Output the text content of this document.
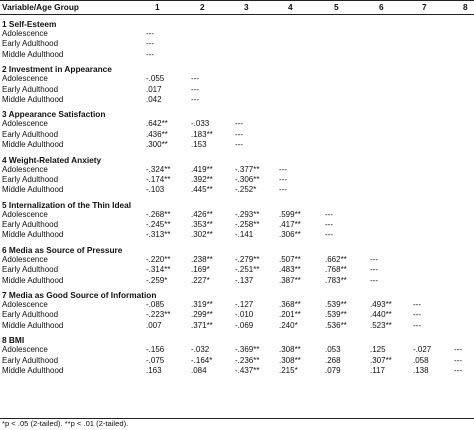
Variable/Age Group	1	2	3	4	5	6	7	8
1 Self-Esteem
Adolescence	---
Early Adulthood	---
Middle Adulthood	---
2 Investment in Appearance
Adolescence	-.055	---
Early Adulthood	.017	---
Middle Adulthood	.042	---
3 Appearance Satisfaction
Adolescence	.642**	-.033	---
Early Adulthood	.436**	.183**	---
Middle Adulthood	.300**	.153	---
4 Weight-Related Anxiety
Adolescence	-.324**	.419**	-.377** ---
Early Adulthood	-.174**	.392**	-.306** ---
Middle Adulthood	-.103	.445**	-.252*	---
5 Internalization of the Thin Ideal
Adolescence	-.268**	.426**	-.293** .599**	---
Early Adulthood	-.245**	.353**	-.258** .417**	---
Middle Adulthood	-.313**	.302**	-.141	.306**	---
6 Media as Source of Pressure
Adolescence	-.220**	.238**	-.279** .507**	.662**	---
Early Adulthood	-.314**	.169*	-.251** .483**	.768**	---
Middle Adulthood	-.259*	.227*	-.137	.387**	.783**	---
7 Media as Good Source of Information
Adolescence	-.085	.319**	-.127	.368**	.539**	.493**	---
Early Adulthood	-.223**	.299**	-.010	.201**	.539**	.440**	---
Middle Adulthood	.007	.371**	-.069	.240*	.536**	.523**	---
8 BMI
Adolescence	-.156	-.032	-.369** .308**	.053	.125	-.027	---
Early Adulthood	-.075	-.164*	-.236** .308**	.268	.307**	.058	---
Middle Adulthood	.163	.084	-.437** .215*	.079	.117	.138	---
*p < .05 (2-tailed). **p < .01 (2-tailed).
